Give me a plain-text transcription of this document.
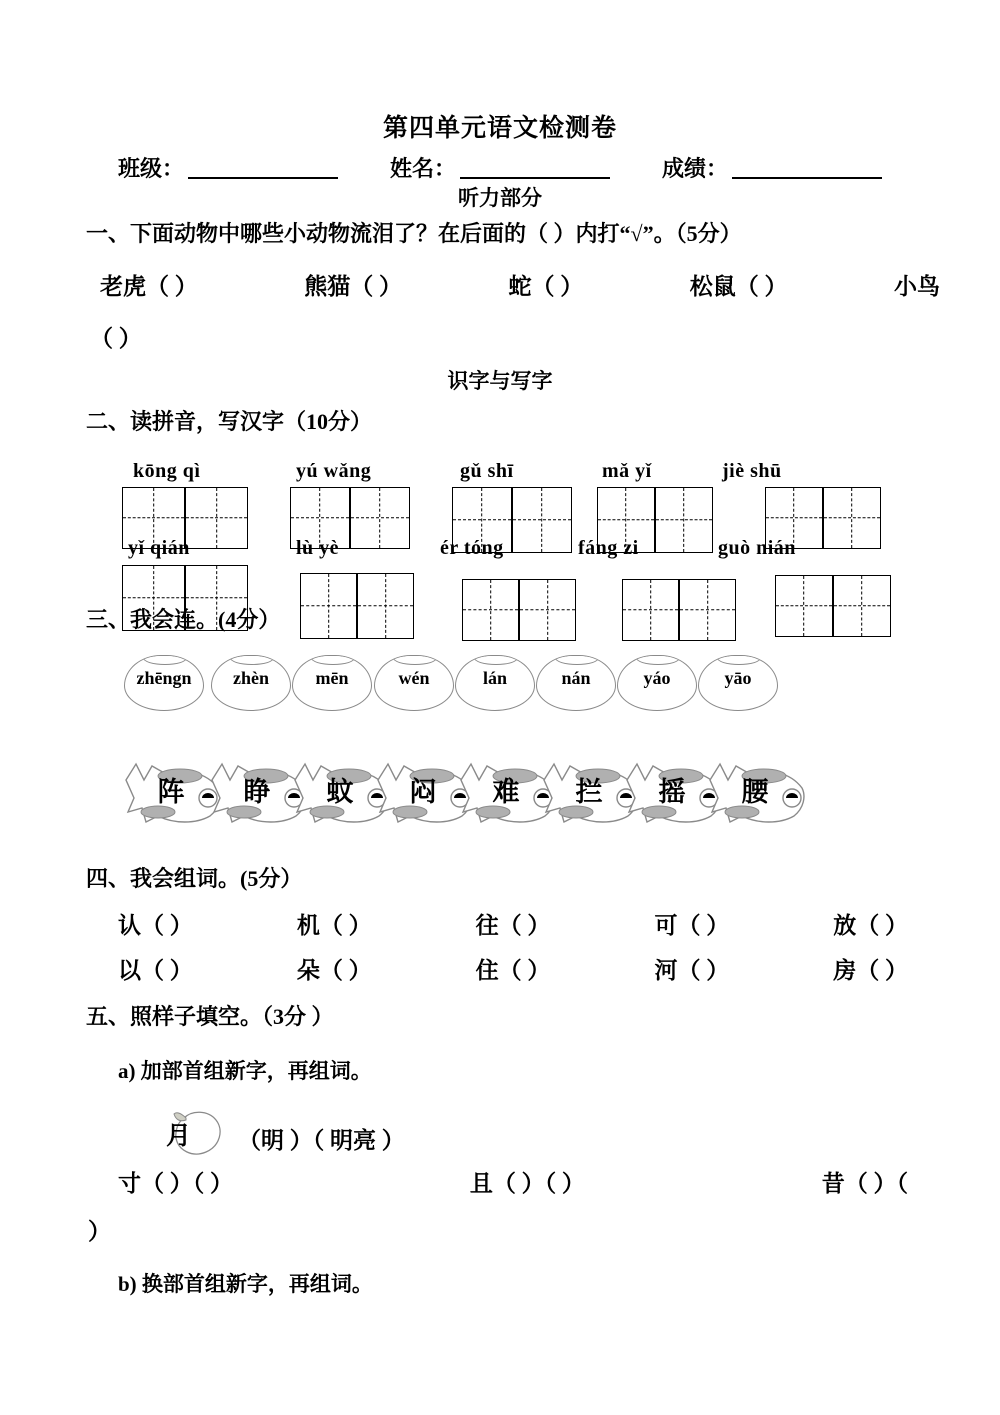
第四单元语文检测卷
班级：	姓名：	成绩：
听力部分
一、下面动物中哪些小动物流泪了？在后面的（ ）内打“√”。（5分）
老虎（ ）	熊猫（ ）	蛇（ ）	松鼠（ ）	小鸟
（ ）
识字与写字
二、读拼音，写汉字（10分）
kōng qì	yú wǎng	gǔ shī	mǎ yǐ	jiè shū
yǐ qián	lù yè	ér tóng	fáng zi	guò nián
三、我会连。(4分）
zhēngn	zhèn	mēn	wén	lán	nán	yáo	yāo
阵	睁	蚊	闷	难	拦	摇	腰
四、我会组词。(5分）
认（ ）	机（ ）	往（ ）	可（ ）	放（ ）
以（ ）	朵（ ）	住（ ）	河（ ）	房（ ）
五、照样子填空。（3分 ）
a) 加部首组新字，再组词。
月 （明 ）（ 明亮 ）
寸（ ）（ ）	且（ ）（ ）	昔（ ）（
）
b) 换部首组新字，再组词。
